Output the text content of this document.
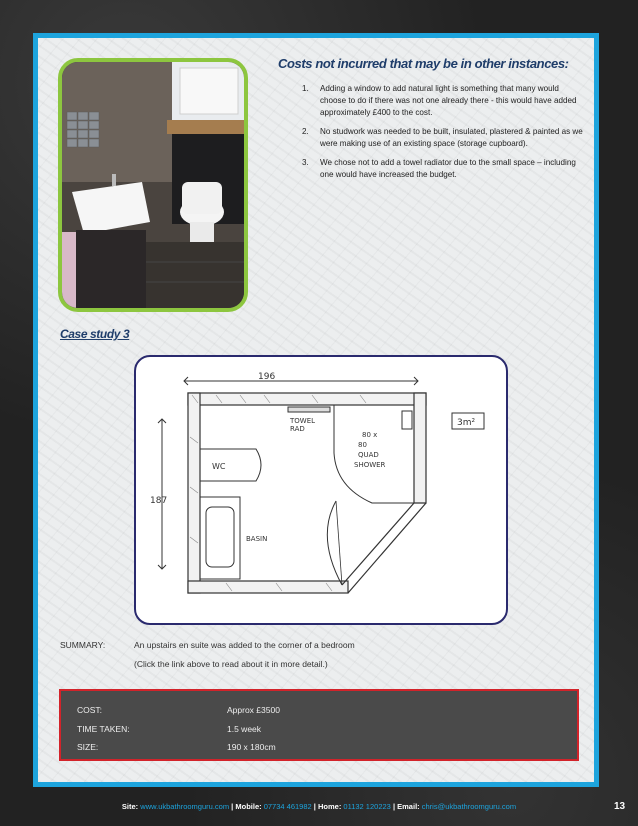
Costs not incurred that may be in other instances:
1. Adding a window to add natural light is something that many would choose to do if there was not one already there - this would have added approximately £400 to the cost.
2. No studwork was needed to be built, insulated, plastered & painted as we were making use of an existing space (storage cupboard).
3. We chose not to add a towel radiator due to the small space – including one would have increased the budget.
Case study 3
196
187
TOWEL
RAD
80 x
80
QUAD
SHOWER
WC
BASIN
3m²
SUMMARY:	An upstairs en suite was added to the corner of a bedroom
(Click the link above to read about it in more detail.)
COST:	Approx £3500
TIME TAKEN:	1.5 week
SIZE:	190 x 180cm
Site: www.ukbathroomguru.com | Mobile: 07734 461982 | Home: 01132 120223 | Email: chris@ukbathroomguru.com	13
